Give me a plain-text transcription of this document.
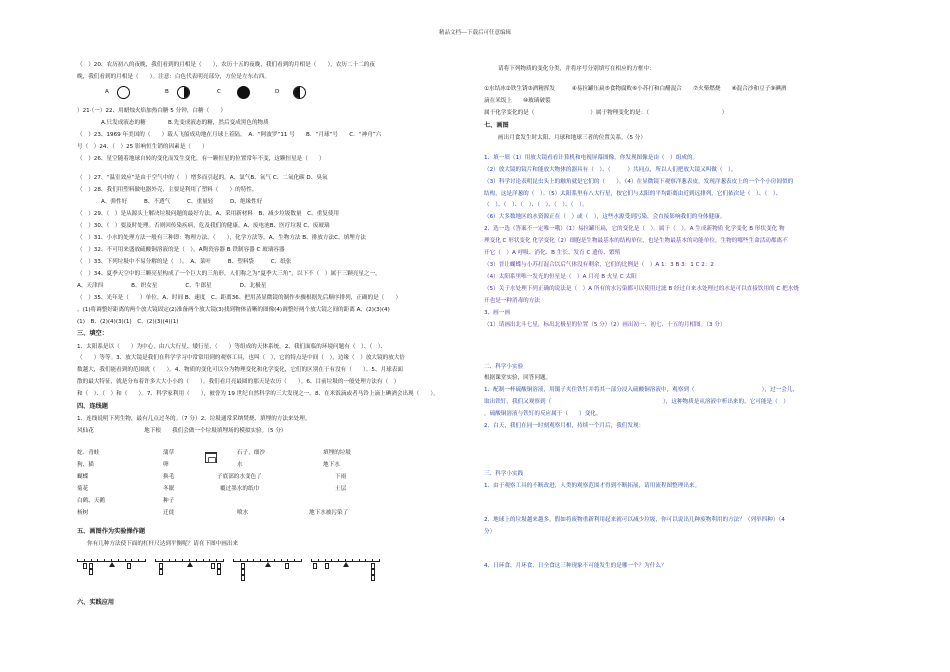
精品文档---下载后可任意编辑
（　）20、农历初八的夜晚，我们看到的月相是（　　），农历十五的夜晚，我们看到的月相是（　　），农历二十二的夜
晚，我们看到的月相是（　　）。注意：白色代表明亮部分，方位是左东右西。
A	B	C	D
）21·（一）22、用蜡烛火焰加热白糖 5 分钟，白糖（　　）
A.只发成液态的糖　　　　B.先变成液态的糖，然后变成黑色的物质
（　）23、1969 年美国的（　　）载人飞船成功地在月球上着陆。　A．“阿波罗”11 号　　B．“月球”号　　C．“神舟”六
号（　）24、（　）25 影响恒生销的因素是（　　）
（　）26、星空随着地球自转的变化而发生变化，有一颗恒星的位置常年不变，这颗恒星是（　　）
（　）27、“温室效应”是由于空气中的（　）增多而引起的。A、氯气B、氧气 C、二氧化碳 D、臭氧
（　）28、我们用塑料做电器外壳，主要是利用了塑料（　　）的特性。
A、弹性好　　　B、不透气　　　C、重量轻　　　D、绝缘性好
（　）29、（　）是从源头上解决垃圾问题的最好方法。A、采用新材料　B、减少垃圾数量　C、重复使用
（　）30、（　）要及时处理。否则回传染疾病，危及我们的健康。A、废电池B、医疗垃圾 C、废玻璃
（　）31、小水的处理方法一般有三种即：物理方法、（　　），化学方法等。A、生物方法 B、排放方法C、填埋方法
（　）32、不可用来盛放硫酸铜溶液的是（　）。A陶瓷容器 B 铁制容器 C 玻璃容器
（　）33、下列垃圾中不易分解的是（　）。　A、菜叶　　　B、塑料袋　　　C、纸张
（　）34、夏季天空中的三颗亮星构成了一个巨大的三角形，人们称之为“夏季大三角”，以下不（　）属于三颗亮星之一。
A、天津四　　　　　B、织女星　　　　　C、牛郎星　　　　　D、北极星
（　）35、光年是（　　）单位。A、时间 B、速度　C、距离36、把用蒸显微镜的制作步骤根据先后顺序排列，正确的是（　　）
。(1)将调整好距离的两个放大镜固定(2)准备两个放大镜(3)找到物体清晰的图像(4)调整好两个放大镜之间的距离 A、(2)(3)(4)
(1)　B、(2)(4)(3)(1)　C、(2)(3)(4)(1)
三、填空：
1、太阳系是以（　　）为中心，由八大行星、矮行星、（　　）等组成的天体系统。2、我们面临的环境问题有（　）、（　）、
（　　）等等。3、放大镜是我们在科学学习中常常用到的观察工具，也叫（　），它的特点是中间（　），边缘（　）放大镜的放大倍
数越大，我们能看到的范围就（　　）。4、物质的变化可以分为物理变化和化学变化，它们的区别在于有没有（　　）。5、月球表面
散的最大特征，就是分布着许多大大小小的（　　）。我们看月亮最圆的那天是农历（　　）。6、目前垃圾的一般处理方法有（　）
和（　）、（　）和（　　）。7、科学家利用（　　），被誉为 19 世纪自然科学的三大发现之一。8、在米饭滴或者马铃上滴上碘酒会出现（　　）。
四、连线题
1、连线说明下列生物，最有几点过冬的。（7 分）2、垃圾通常采纳焚烧、填埋的方法来处理。
风仙花　　　　　　　　　地下根　　我们会做一个垃圾填埋场的模拟实验。（5 分）
蛇．青蛙	蒲草	石子，细沙	填埋的垃圾
狗、猫	卵	水	地下水
蝴蝶	换毛	子底部的水变色了	下雨
菊花	冬眠	覆过墨水的纸巾	土层
白鹤、天鹅	种子
杨树	迁徙	喷水	地下水被污染了
五、画图作为实验操作题
你有几种方法使下面的杠杆尺达到平衡呢？请在下图中画出来
六、实践应用
请将下列物质的变化分类，并将序号分别填写在相应的方框中：
①水结冰②铁生锈③酒精挥发　　　④易拉罐压扁⑤食物腐败⑥小苏打和白醋混合　　⑦火柴燃烧　　⑧混合沙和豆子⑨碘酒
滴在米饭上　　⑩玻璃破裂
属于化学变化的是（　　　　　　　　　　）属于物理变化的是：（　　　　　　　　　　　　　）
七、画图
画出月食发生时太阳、月球和地球三者的位置关系。（5 分）
1、填一填（1）用放大镜看看计算机和电视屏幕图像，你发现图像是由（　）组成的。
（2）放大镜的镜片和能放大物体的器具有（　）、（　　　）共同点，所以人们把放大镜又叫做（　）。
（3）科学讨论表明昆虫头上的触角就是它们的（　　）。（4）在显微镜下观察洋葱表皮，发现洋葱表皮上的一个个小房间似的
结构，这是洋葱的（　）。（5）太阳系里有八大行星，按它们与太阳的平均距离由近到远排列，它们依次是（　）、（　）、
（　）、（　）、（　）、（　）、（　）、（　）。
（6）大多数地区的水资源正在（　）或（　），这些水源受到污染，会直接影响我们的身体健康。
2、选一选（答案不一定唯一哦）（1）易拉罐压扁，它的变化是（　）。属于（　）。A 生成新物质 化学变化 B 形状变化 物
理变化 C 形状变化 化学变化（2）细胞是生物最基本的结构单位，也是生物最基本的功能单位，生物的哪些生命活动都离不
开它（　）A 呼吸、消化、B 生长、发育 C 遗传、繁殖
（3）晋让蝴蝶与小苏打混合以后气体没有剩余，它们的比例是（　）A 1：3 B 3：1 C 2：2
（4）太阳系里唯一发光的恒星是（　）A 月亮 B 火星 C 太阳
（5）关于水处理下列正确的说法是（　）A 所有的水污染都可以使用过滤 B 经过自来水处理过的水是可以直接饮用的 C 把水烧
开也是一种消毒的方法
3、画一画
（1）请画出北斗七星，标出北极星的位置（5 分）（2）画出初一、初七、十五的月相图。（3 分）
二、科学小实验
根据课堂实验，回答问题。
1、配制一杯硫酸铜溶液，用镊子夹住铁钉并将其一部分浸入硫酸铜溶液中，观察到（　　　　　　　　　　　　），过一会儿，
取出铁钉，我们又观察到（　　　　　　　　　　　　　　　　　　　　），这种物质是从溶液中析出来的，它可能是（　）
，硫酸铜溶液与铁钉的反应属于（　　）变化。
2、白天，我们在同一时刻观察月相，持续一个月后，我们发现：
三、科学小实践
1、由于观察工具的不断改进，人类的观察范围才得到不断拓展，请用流程图整理出来。
2、地球上的垃圾越来越多，假如将废物重新利用起来就可以减少垃圾，你可以说出几种废物利用的方法？（列举四种）（4
分）
4、日环食、月环食、日全食这三种现象不可能发生的是哪一个？为什么？
